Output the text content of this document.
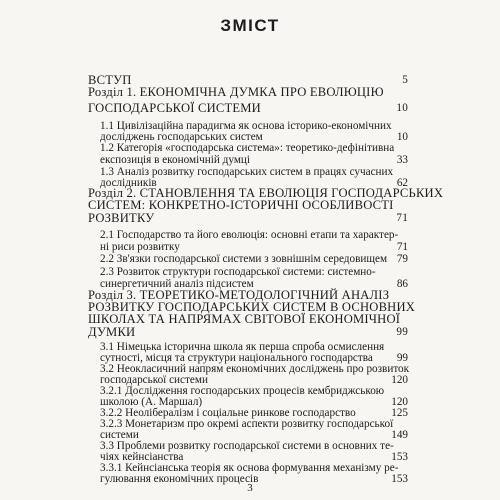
ЗМІСТ
ВСТУП	5
Розділ 1. ЕКОНОМІЧНА ДУМКА ПРО ЕВОЛЮЦІЮ
ГОСПОДАРСЬКОЇ СИСТЕМИ	10
1.1 Цивілізаційна парадигма як основа історико-економічних
досліджень господарських систем	10
1.2 Категорія «господарська система»: теоретико-дефінітивна
експозиція в економічній думці	33
1.3 Аналіз розвитку господарських систем в працях сучасних
дослідників	62
Розділ 2. СТАНОВЛЕННЯ ТА ЕВОЛЮЦІЯ ГОСПОДАРСЬКИХ
СИСТЕМ: КОНКРЕТНО-ІСТОРИЧНІ ОСОБЛИВОСТІ
РОЗВИТКУ	71
2.1 Господарство та його еволюція: основні етапи та характер-
ні риси розвитку	71
2.2 Зв'язки господарської системи з зовнішнім середовищем 79
2.3 Розвиток структури господарської системи: системно-
синергетичний аналіз підсистем	86
Розділ 3. ТЕОРЕТИКО-МЕТОДОЛОГІЧНИЙ АНАЛІЗ
РОЗВИТКУ ГОСПОДАРСЬКИХ СИСТЕМ В ОСНОВНИХ
ШКОЛАХ ТА НАПРЯМАХ СВІТОВОЇ ЕКОНОМІЧНОЇ
ДУМКИ	99
3.1 Німецька історична школа як перша спроба осмислення
сутності, місця та структури національного господарства 99
3.2 Неокласичний напрям економічних досліджень про розвиток
господарської системи	120
3.2.1 Дослідження господарських процесів кембриджською
школою (А. Маршал)	120
3.2.2 Неолібералізм і соціальне ринкове господарство	125
3.2.3 Монетаризм про окремі аспекти розвитку господарської
системи	149
3.3 Проблеми розвитку господарської системи в основних те-
чіях кейнсіанства	153
3.3.1 Кейнсіанська теорія як основа формування механізму ре-
гулювання економічних процесів	153
3
